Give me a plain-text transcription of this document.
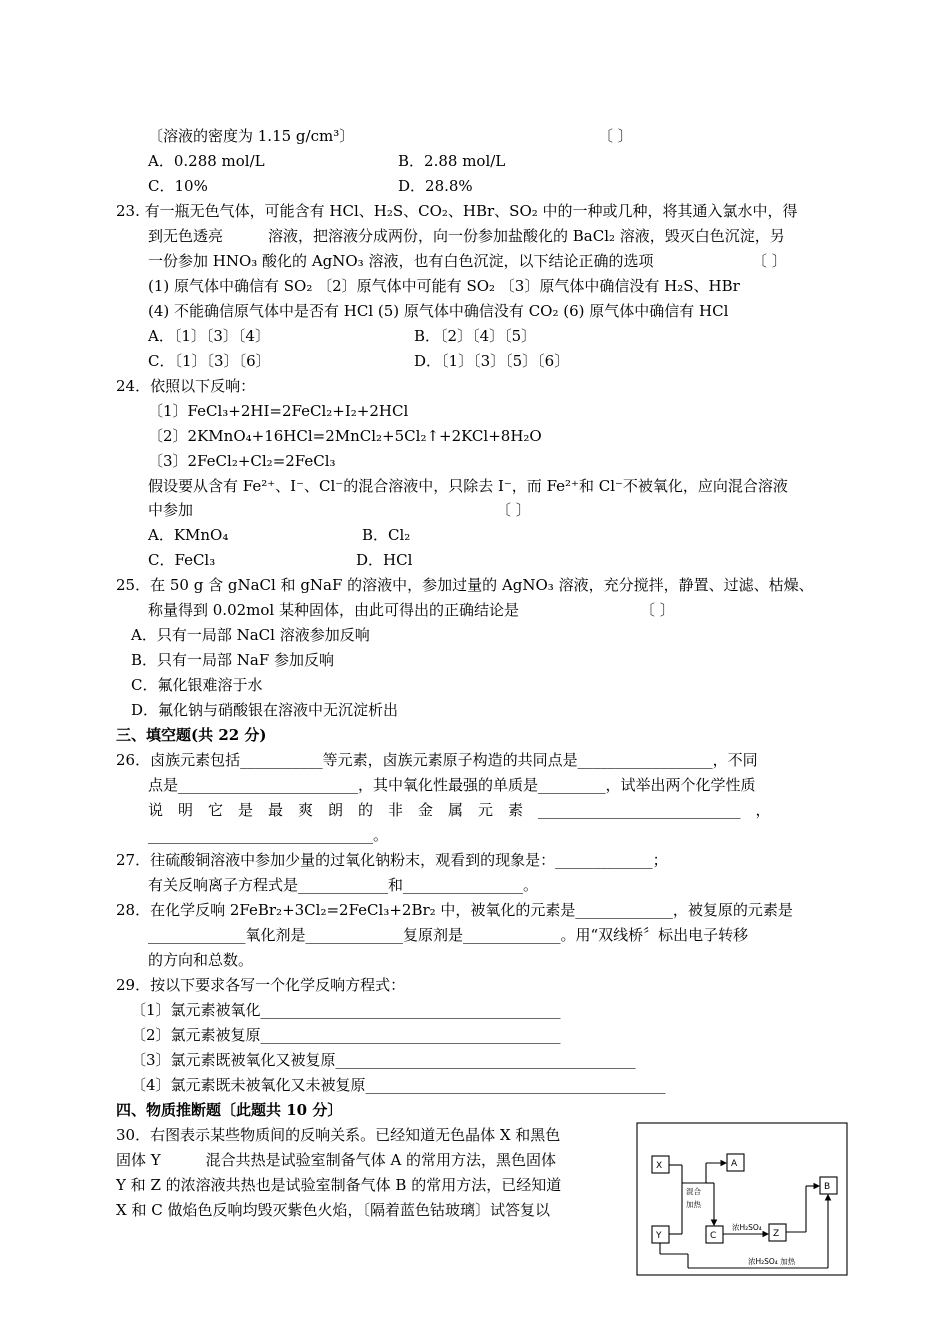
〔溶液的密度为 1.15 g/cm³〕	〔 〕
A．0.288 mol/L	B．2.88 mol/L
C．10%	D．28.8%
23. 有一瓶无色气体，可能含有 HCl、H₂S、CO₂、HBr、SO₂ 中的一种或几种，将其通入氯水中，得
到无色透亮　　　溶液，把溶液分成两份，向一份参加盐酸化的 BaCl₂ 溶液，毁灭白色沉淀，另
一份参加 HNO₃ 酸化的 AgNO₃ 溶液，也有白色沉淀，以下结论正确的选项	〔 〕
(1) 原气体中确信有 SO₂ 〔2〕原气体中可能有 SO₂ 〔3〕原气体中确信没有 H₂S、HBr
(4) 不能确信原气体中是否有 HCl (5) 原气体中确信没有 CO₂ (6) 原气体中确信有 HCl
A．〔1〕〔3〕〔4〕	B．〔2〕〔4〕〔5〕
C．〔1〕〔3〕〔6〕	D．〔1〕〔3〕〔5〕〔6〕
24．依照以下反响：
〔1〕FeCl₃+2HI=2FeCl₂+I₂+2HCl
〔2〕2KMnO₄+16HCl=2MnCl₂+5Cl₂↑+2KCl+8H₂O
〔3〕2FeCl₂+Cl₂=2FeCl₃
假设要从含有 Fe²⁺、I⁻、Cl⁻的混合溶液中，只除去 I⁻，而 Fe²⁺和 Cl⁻不被氧化，应向混合溶液
中参加	〔 〕
A．KMnO₄	B．Cl₂
C．FeCl₃	D．HCl
25．在 50 g 含 gNaCl 和 gNaF 的溶液中，参加过量的 AgNO₃ 溶液，充分搅拌，静置、过滤、枯燥、
称量得到 0.02mol 某种固体，由此可得出的正确结论是	〔 〕
A．只有一局部 NaCl 溶液参加反响
B．只有一局部 NaF 参加反响
C．氟化银难溶于水
D．氟化钠与硝酸银在溶液中无沉淀析出
三、填空题(共 22 分)
26．卤族元素包括___________等元素，卤族元素原子构造的共同点是__________________，不同
点是________________________，其中氧化性最强的单质是_________，试举出两个化学性质
说　明　它　是　最　爽　朗　的　非　金　属　元　素　___________________________　，
______________________________。
27．往硫酸铜溶液中参加少量的过氧化钠粉末，观看到的现象是：_____________；
有关反响离子方程式是____________和________________。
28．在化学反响 2FeBr₂+3Cl₂=2FeCl₃+2Br₂ 中，被氧化的元素是_____________，被复原的元素是
_____________氧化剂是_____________复原剂是_____________。用“双线桥〞标出电子转移
的方向和总数。
29．按以下要求各写一个化学反响方程式：
〔1〕氯元素被氧化________________________________________
〔2〕氯元素被复原________________________________________
〔3〕氯元素既被氧化又被复原________________________________________
〔4〕氯元素既未被氧化又未被复原________________________________________
四、物质推断题〔此题共 10 分〕
30．右图表示某些物质间的反响关系。已经知道无色晶体 X 和黑色
固体 Y　　　混合共热是试验室制备气体 A 的常用方法，黑色固体
Y 和 Z 的浓溶液共热也是试验室制备气体 B 的常用方法，已经知道
X 和 C 做焰色反响均毁灭紫色火焰，〔隔着蓝色钴玻璃〕试答复以
X	A
Y	C	Z
B
混合
加热
浓H₂SO₄
浓H₂SO₄ 加热
